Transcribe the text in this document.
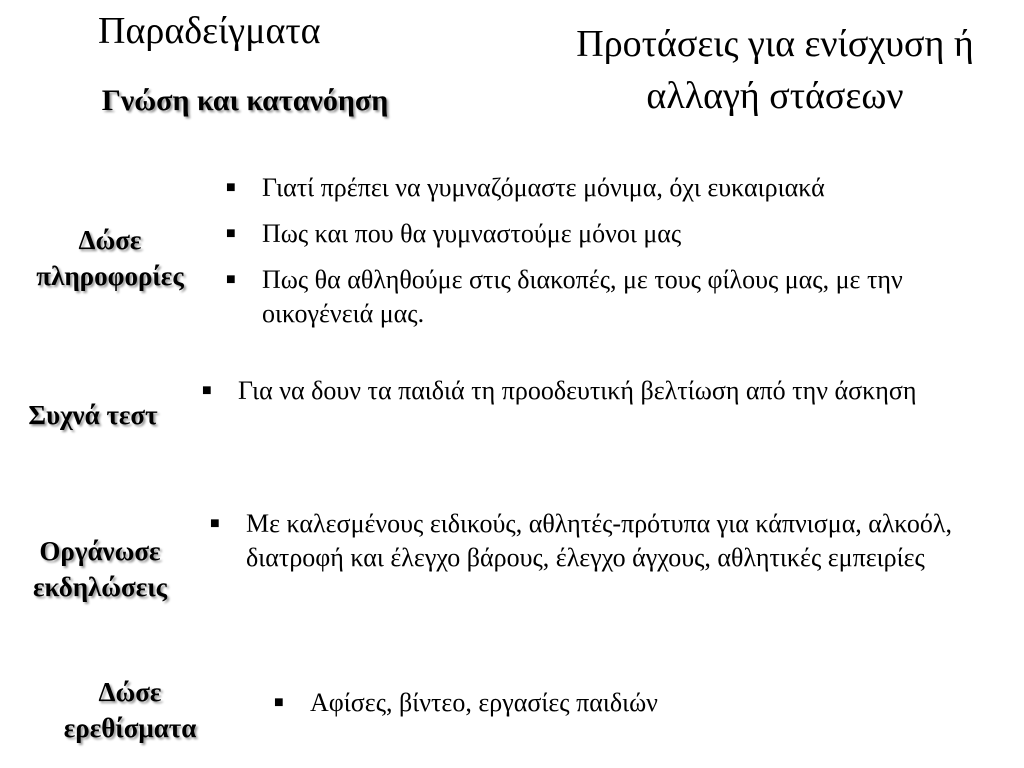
Παραδείγματα	Προτάσεις για ενίσχυση ή αλλαγή στάσεων
Γνώση και κατανόηση
Δώσε πληροφορίες
■ Γιατί πρέπει να γυμναζόμαστε μόνιμα, όχι ευκαιριακά
■ Πως και που θα γυμναστούμε μόνοι μας
■ Πως θα αθληθούμε στις διακοπές, με τους φίλους μας, με την οικογένειά μας.
Συχνά τεστ
■ Για να δουν τα παιδιά τη προοδευτική βελτίωση από την άσκηση
Οργάνωσε εκδηλώσεις
■ Με καλεσμένους ειδικούς, αθλητές-πρότυπα για κάπνισμα, αλκοόλ, διατροφή και έλεγχο βάρους, έλεγχο άγχους, αθλητικές εμπειρίες
Δώσε ερεθίσματα
■ Αφίσες, βίντεο, εργασίες παιδιών
